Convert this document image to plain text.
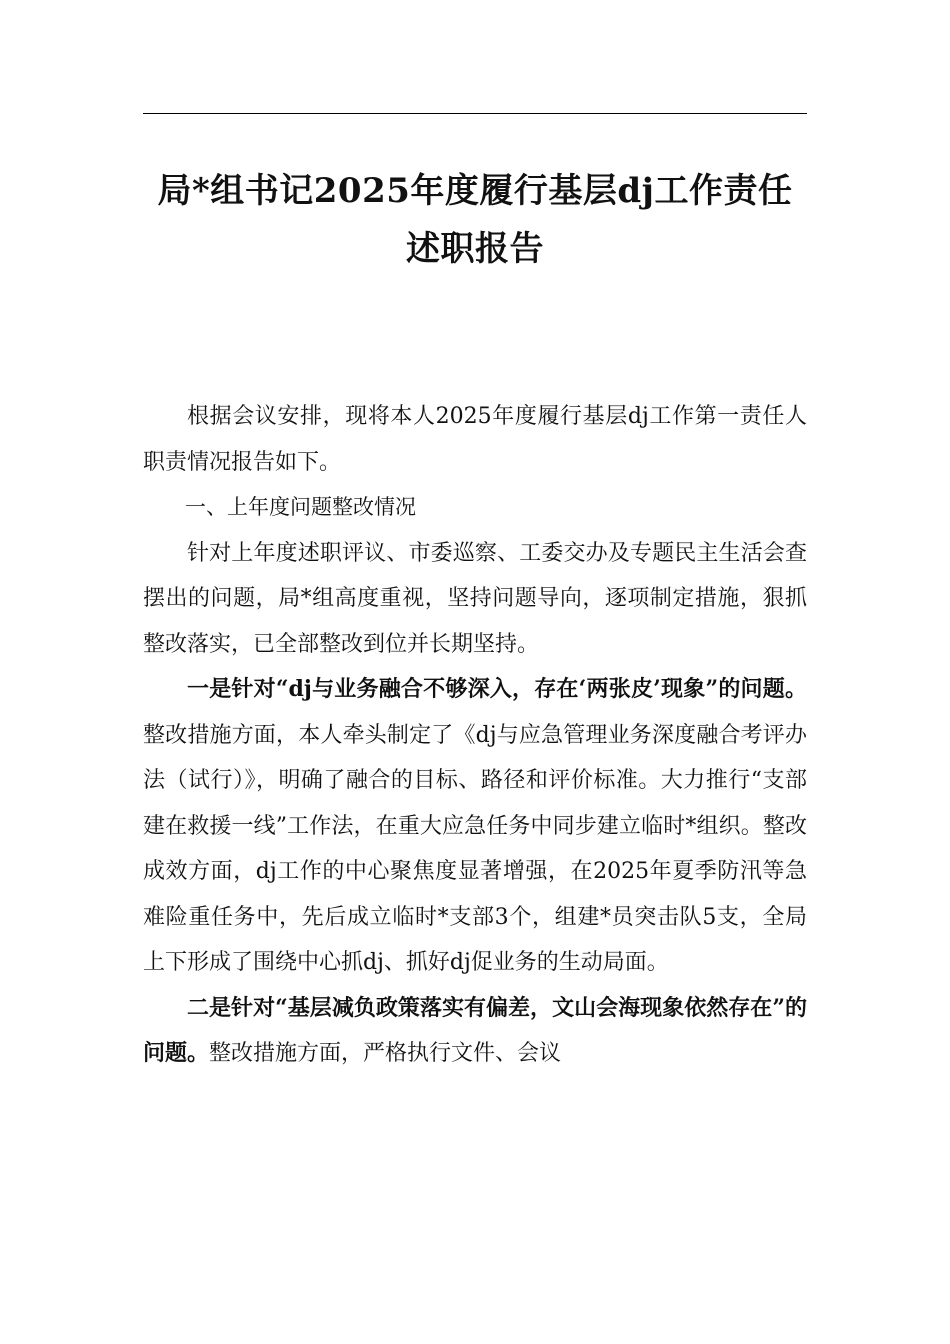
局*组书记2025年度履行基层dj工作责任
述职报告

根据会议安排，现将本人2025年度履行基层dj工作第一责任人职责情况报告如下。

一、上年度问题整改情况

针对上年度述职评议、市委巡察、工委交办及专题民主生活会查摆出的问题，局*组高度重视，坚持问题导向，逐项制定措施，狠抓整改落实，已全部整改到位并长期坚持。

一是针对“dj与业务融合不够深入，存在‘两张皮’现象”的问题。整改措施方面，本人牵头制定了《dj与应急管理业务深度融合考评办法（试行）》，明确了融合的目标、路径和评价标准。大力推行“支部建在救援一线”工作法，在重大应急任务中同步建立临时*组织。整改成效方面，dj工作的中心聚焦度显著增强，在2025年夏季防汛等急难险重任务中，先后成立临时*支部3个，组建*员突击队5支，全局上下形成了围绕中心抓dj、抓好dj促业务的生动局面。

二是针对“基层减负政策落实有偏差，文山会海现象依然存在”的问题。整改措施方面，严格执行文件、会议
